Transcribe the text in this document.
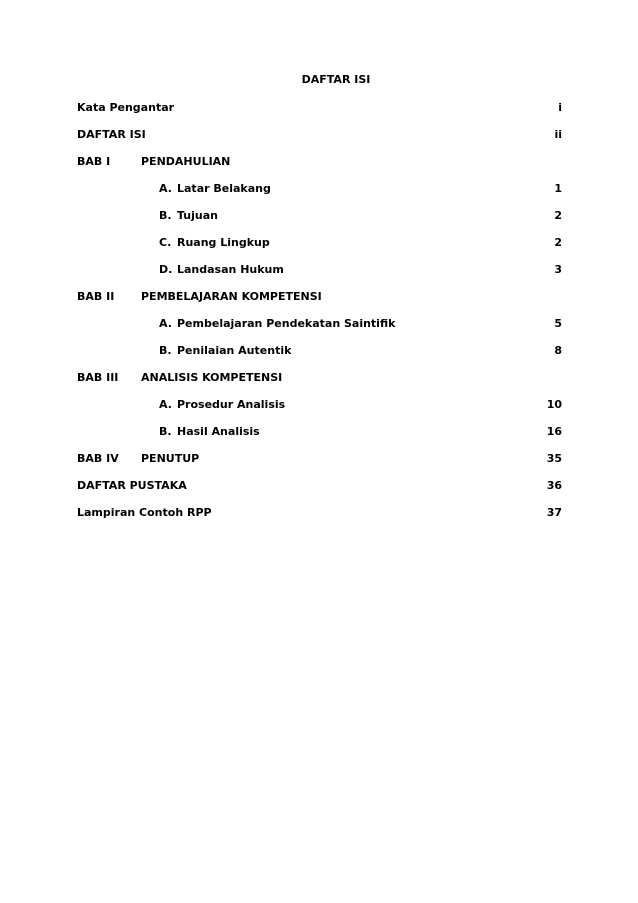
DAFTAR ISI
Kata Pengantar	i
DAFTAR ISI	ii
BAB I	PENDAHULIAN
A. Latar Belakang	1
B. Tujuan	2
C. Ruang Lingkup	2
D. Landasan Hukum	3
BAB II PEMBELAJARAN KOMPETENSI
A. Pembelajaran Pendekatan Saintifik	5
B. Penilaian Autentik	8
BAB III ANALISIS KOMPETENSI
A. Prosedur Analisis	10
B. Hasil Analisis	16
BAB IV PENUTUP	35
DAFTAR PUSTAKA	36
Lampiran Contoh RPP	37
